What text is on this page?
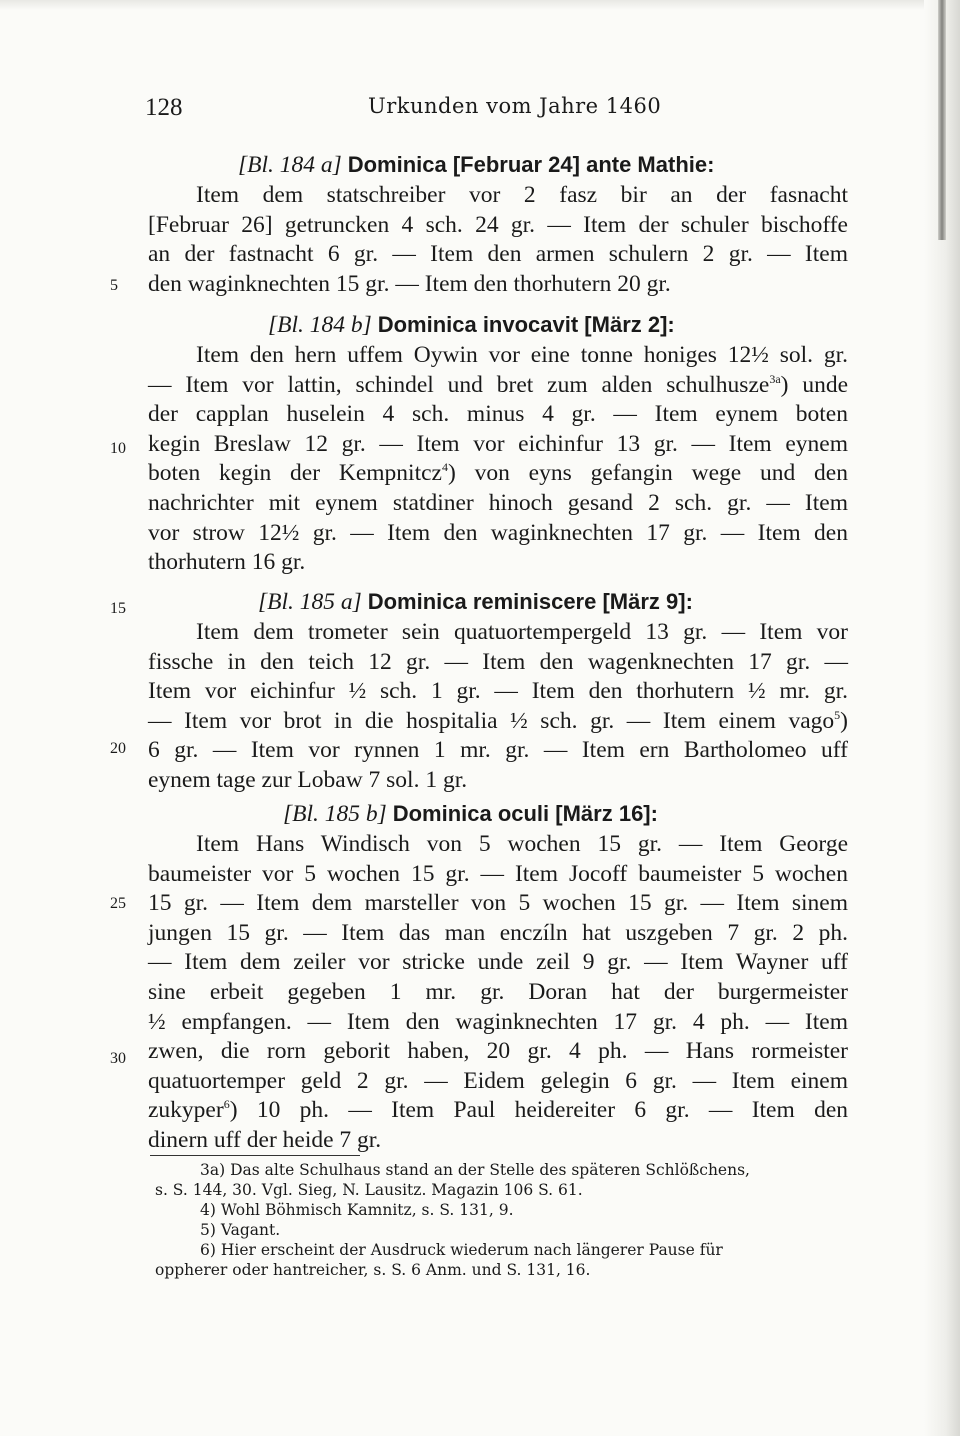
128	Urkunden vom Jahre 1460
5
10
15
20
25
30
[Bl. 184 a] Dominica [Februar 24] ante Mathie:
Item dem statschreiber vor 2 fasz bir an der fasnacht
[Februar 26] getruncken 4 sch. 24 gr. — Item der schuler bischoffe
an der fastnacht 6 gr. — Item den armen schulern 2 gr. — Item
den waginknechten 15 gr. — Item den thorhutern 20 gr.
[Bl. 184 b] Dominica invocavit [März 2]:
Item den hern uffem Oywin vor eine tonne honiges 12½ sol. gr.
— Item vor lattin, schindel und bret zum alden schulhusze$^{3a}$) unde
der capplan huselein 4 sch. minus 4 gr. — Item eynem boten
kegin Breslaw 12 gr. — Item vor eichinfur 13 gr. — Item eynem
boten kegin der Kempnitcz$^4$) von eyns gefangin wege und den
nachrichter mit eynem statdiner hinoch gesand 2 sch. gr. — Item
vor strow 12½ gr. — Item den waginknechten 17 gr. — Item den
thorhutern 16 gr.
[Bl. 185 a] Dominica reminiscere [März 9]:
Item dem trometer sein quatuortempergeld 13 gr. — Item vor
fissche in den teich 12 gr. — Item den wagenknechten 17 gr. —
Item vor eichinfur ½ sch. 1 gr. — Item den thorhutern ½ mr. gr.
— Item vor brot in die hospitalia ½ sch. gr. — Item einem vago$^5$)
6 gr. — Item vor rynnen 1 mr. gr. — Item ern Bartholomeo uff
eynem tage zur Lobaw 7 sol. 1 gr.
[Bl. 185 b] Dominica oculi [März 16]:
Item Hans Windisch von 5 wochen 15 gr. — Item George
baumeister vor 5 wochen 15 gr. — Item Jocoff baumeister 5 wochen
15 gr. — Item dem marsteller von 5 wochen 15 gr. — Item sinem
jungen 15 gr. — Item das man enczíln hat uszgeben 7 gr. 2 ph.
— Item dem zeiler vor stricke unde zeil 9 gr. — Item Wayner uff
sine erbeit gegeben 1 mr. gr. Doran hat der burgermeister
½ empfangen. — Item den waginknechten 17 gr. 4 ph. — Item
zwen, die rorn geborit haben, 20 gr. 4 ph. — Hans rormeister
quatuortemper geld 2 gr. — Eidem gelegin 6 gr. — Item einem
zukyper$^6$) 10 ph. — Item Paul heidereiter 6 gr. — Item den
dinern uff der heide 7 gr.
3a) Das alte Schulhaus stand an der Stelle des späteren Schlößchens,
s. S. 144, 30. Vgl. Sieg, N. Lausitz. Magazin 106 S. 61.
4) Wohl Böhmisch Kamnitz, s. S. 131, 9.
5) Vagant.
6) Hier erscheint der Ausdruck wiederum nach längerer Pause für
oppherer oder hantreicher, s. S. 6 Anm. und S. 131, 16.
